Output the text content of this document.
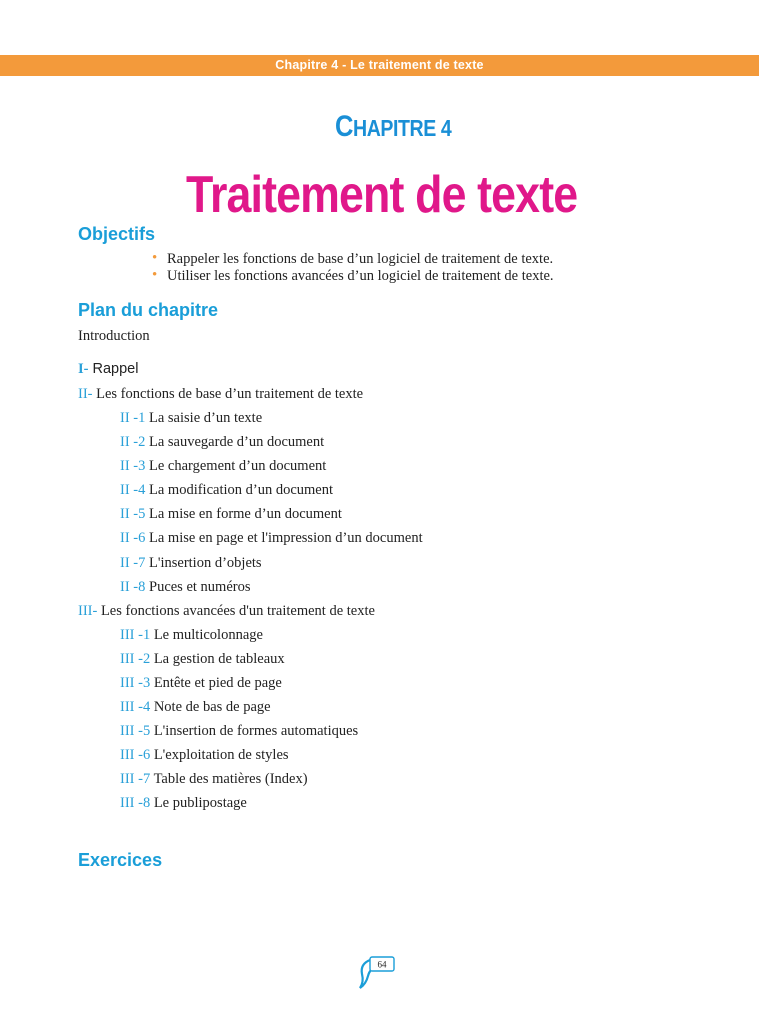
Chapitre 4 - Le traitement de texte
CHAPITRE 4
Traitement de texte
Objectifs
• Rappeler les fonctions de base d’un logiciel de traitement de texte.
• Utiliser les fonctions avancées d’un logiciel de traitement de texte.
Plan du chapitre
Introduction
I- Rappel
II- Les fonctions de base d’un traitement de texte
II -1 La saisie d’un texte
II -2 La sauvegarde d’un document
II -3 Le chargement d’un document
II -4 La modification d’un document
II -5 La mise en forme d’un document
II -6 La mise en page et l'impression d’un document
II -7 L'insertion d’objets
II -8 Puces et numéros
III- Les fonctions avancées d'un traitement de texte
III -1 Le multicolonnage
III -2 La gestion de tableaux
III -3 Entête et pied de page
III -4 Note de bas de page
III -5 L'insertion de formes automatiques
III -6 L'exploitation de styles
III -7 Table des matières (Index)
III -8 Le publipostage
Exercices
64
